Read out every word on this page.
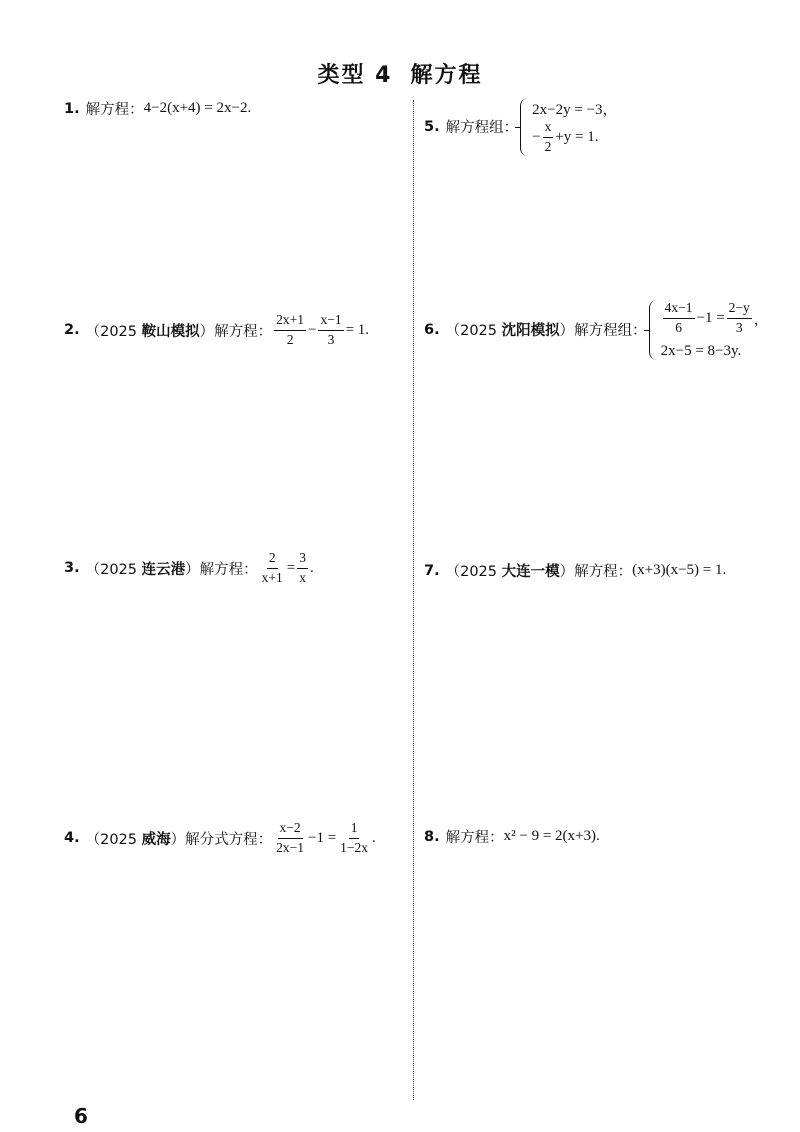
类型 4 解方程
1. 解方程： 4−2(x+4) = 2x−2.
2. （2025 鞍山模拟） 解方程： $\frac{2x+1}{2} - \frac{x-1}{3} = 1$.
3. （2025 连云港） 解方程： $\frac{2}{x+1} = \frac{3}{x}$ .
4. （2025 威海） 解分式方程： $\frac{x-2}{2x-1} -1 = \frac{1}{1-2x}$ .
5. 解方程组：
2x−2y = −3，
− $\frac{x}{2} +y = 1$.
6. （2025 沈阳模拟） 解方程组： $\frac{4x-1}{6} -1 = \frac{2-y}{3}$ ，
2x−5 = 8−3y.
7. （2025 大连一模） 解方程： (x+3)(x−5) = 1.
8. 解方程： x² − 9 = 2(x+3).
6
